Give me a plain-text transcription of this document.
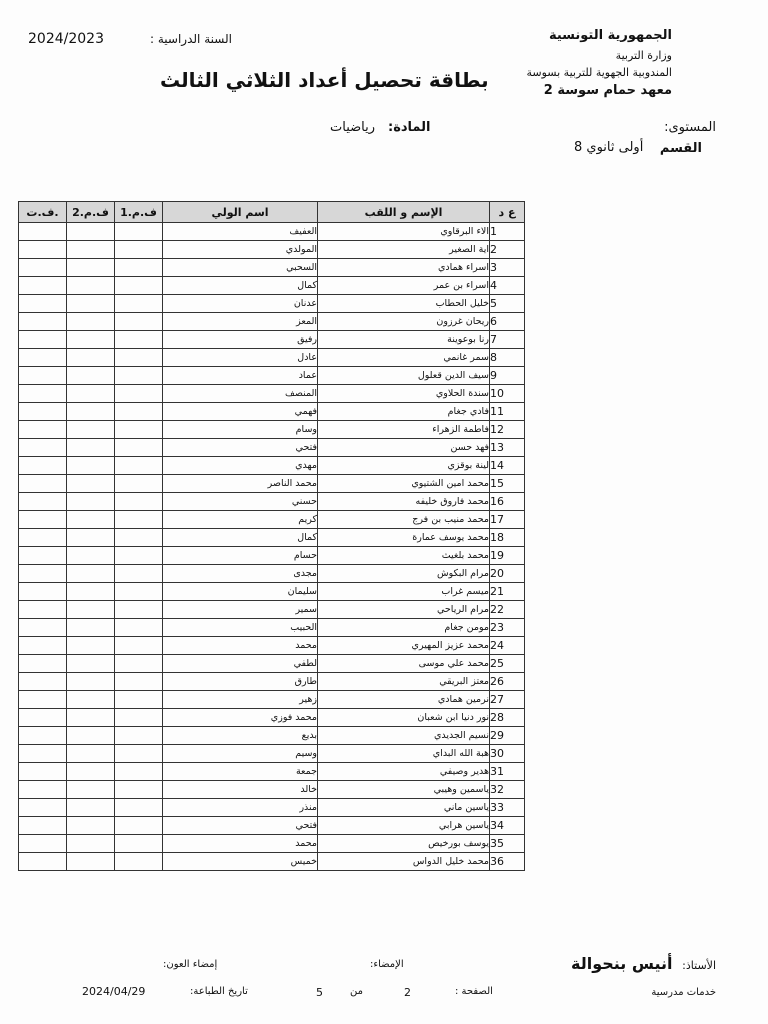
الجمهورية التونسية
وزارة التربية
المندوبية الجهوية للتربية بسوسة
معهد حمام سوسة 2
السنة الدراسية :
2024/2023
بطاقة تحصيل أعداد الثلاثي الثالث
المستوى:
المادة:
رياضيات
القسم
أولى ثانوي 8
ف.ت.	ف.م.2	ف.م.1	اسم الولي	الإسم و اللقب	ع د
			العفيف	الاء البرقاوي	1
			المولدي	اية الصغير	2
			السحبي	اسراء همادي	3
			كمال	اسراء بن عمر	4
			عدنان	خليل الحطاب	5
			المعز	ريحان غرزون	6
			رفيق	رنا بوعوينة	7
			عادل	سمر غانمي	8
			عماد	سيف الدين قعلول	9
			المنصف	سندة الحلاوي	10
			فهمي	فادي جغام	11
			وسام	فاطمة الزهراء	12
			فتحي	فهد حسن	13
			مهدي	لينة بوقزي	14
			محمد الناصر	محمد امين الشتيوي	15
			حسني	محمد فاروق خليفه	16
			كريم	محمد منيب بن فرج	17
			كمال	محمد يوسف عمارة	18
			حسام	محمد بلغيث	19
			مجدى	مرام البكوش	20
			سليمان	ميسم غراب	21
			سمير	مرام الرياحي	22
			الحبيب	مومن جغام	23
			محمد	محمد عزيز المهيري	24
			لطفي	محمد علي موسى	25
			طارق	معتز البريقي	26
			زهير	نرمين همادي	27
			محمد فوزي	نور دنيا ابن شعبان	28
			بديع	نسيم الجديدي	29
			وسيم	هبة الله البداي	30
			جمعة	هدير وصيفي	31
			خالد	ياسمين وهيبي	32
			منذر	ياسين ماني	33
			فتحي	ياسين هرابي	34
			محمد	يوسف بورخيص	35
			خميس	محمد خليل الدواس	36
الأستاذ:
أنيس بنحوالة
الإمضاء:
إمضاء العون:
خدمات مدرسية
الصفحة :
2
من
5
تاريخ الطباعة:
2024/04/29
